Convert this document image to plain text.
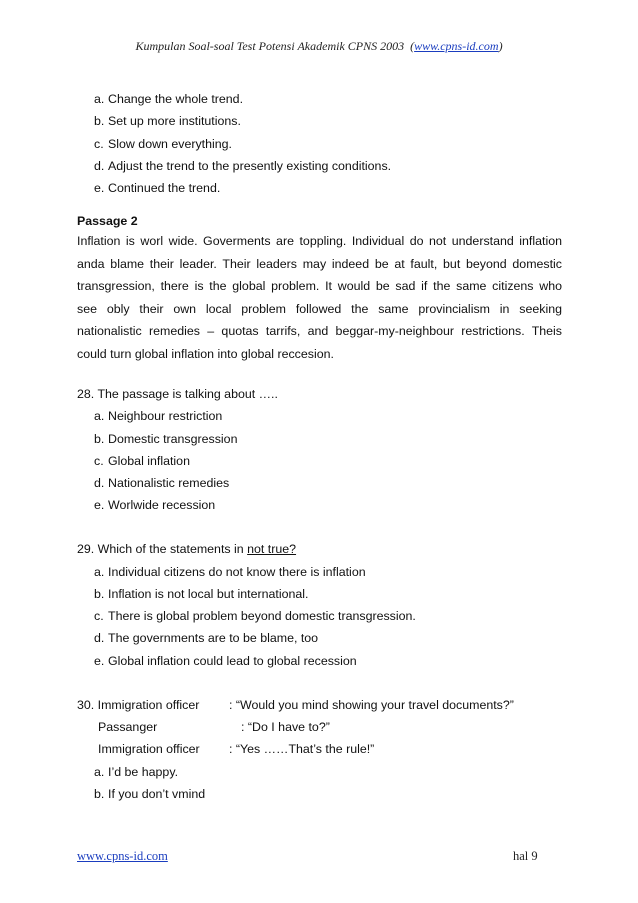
Kumpulan Soal-soal Test Potensi Akademik CPNS 2003  (www.cpns-id.com)
a. Change the whole trend.
b. Set up more institutions.
c. Slow down everything.
d. Adjust the trend to the presently existing conditions.
e. Continued the trend.
Passage 2
Inflation is worl wide. Goverments are toppling. Individual do not understand inflation
anda blame their leader. Their leaders may indeed be at fault, but beyond domestic
transgression, there is the global problem. It would be sad if the same citizens who
see obly their own local problem followed the same provincialism in seeking
nationalistic remedies – quotas tarrifs, and beggar-my-neighbour restrictions. Theis
could turn global inflation into global reccesion.
28. The passage is talking about …..
a. Neighbour restriction
b. Domestic transgression
c. Global inflation
d. Nationalistic remedies
e. Worlwide recession
29. Which of the statements in not true?
a. Individual citizens do not know there is inflation
b. Inflation is not local but international.
c. There is global problem beyond domestic transgression.
d. The governments are to be blame, too
e. Global inflation could lead to global recession
30. Immigration officer : “Would you mind showing your travel documents?”
Passanger	: “Do I have to?”
Immigration officer : “Yes ……That’s the rule!”
a. I’d be happy.
b. If you don’t vmind
www.cpns-id.com	hal 9
